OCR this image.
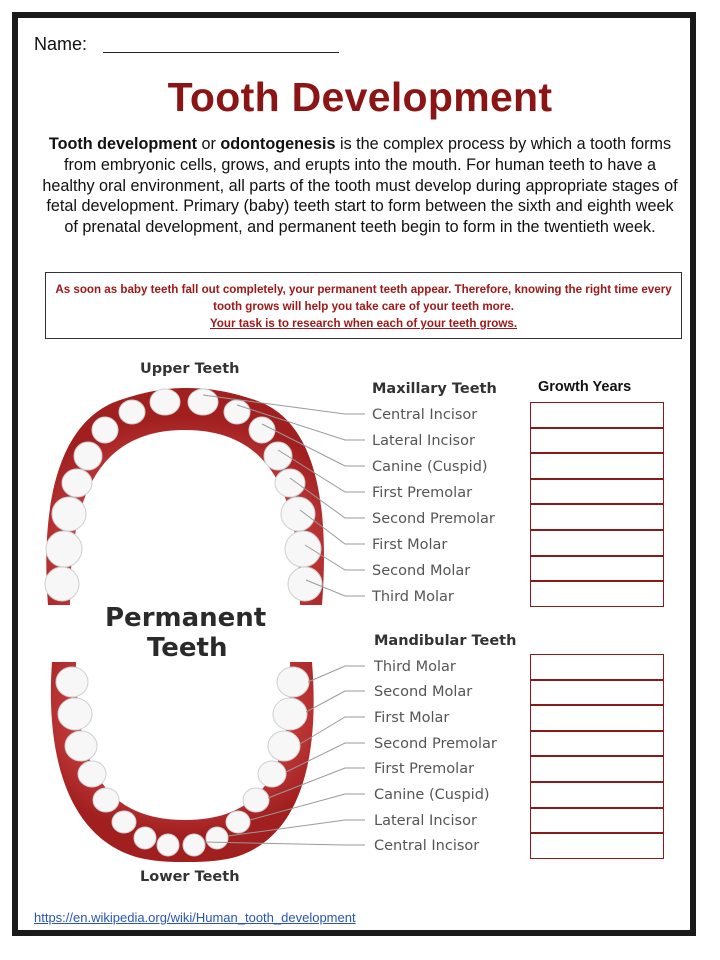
Name:
Tooth Development
Tooth development or odontogenesis is the complex process by which a tooth forms from embryonic cells, grows, and erupts into the mouth. For human teeth to have a healthy oral environment, all parts of the tooth must develop during appropriate stages of fetal development. Primary (baby) teeth start to form between the sixth and eighth week of prenatal development, and permanent teeth begin to form in the twentieth week.
As soon as baby teeth fall out completely, your permanent teeth appear. Therefore, knowing the right time every tooth grows will help you take care of your teeth more.
Your task is to research when each of your teeth grows.
Upper Teeth
Lower Teeth
Permanent
Teeth
Maxillary Teeth
Mandibular Teeth
Central Incisor
Lateral Incisor
Canine (Cuspid)
First Premolar
Second Premolar
First Molar
Second Molar
Third Molar
Third Molar
Second Molar
First Molar
Second Premolar
First Premolar
Canine (Cuspid)
Lateral Incisor
Central Incisor
Growth Years
https://en.wikipedia.org/wiki/Human_tooth_development
